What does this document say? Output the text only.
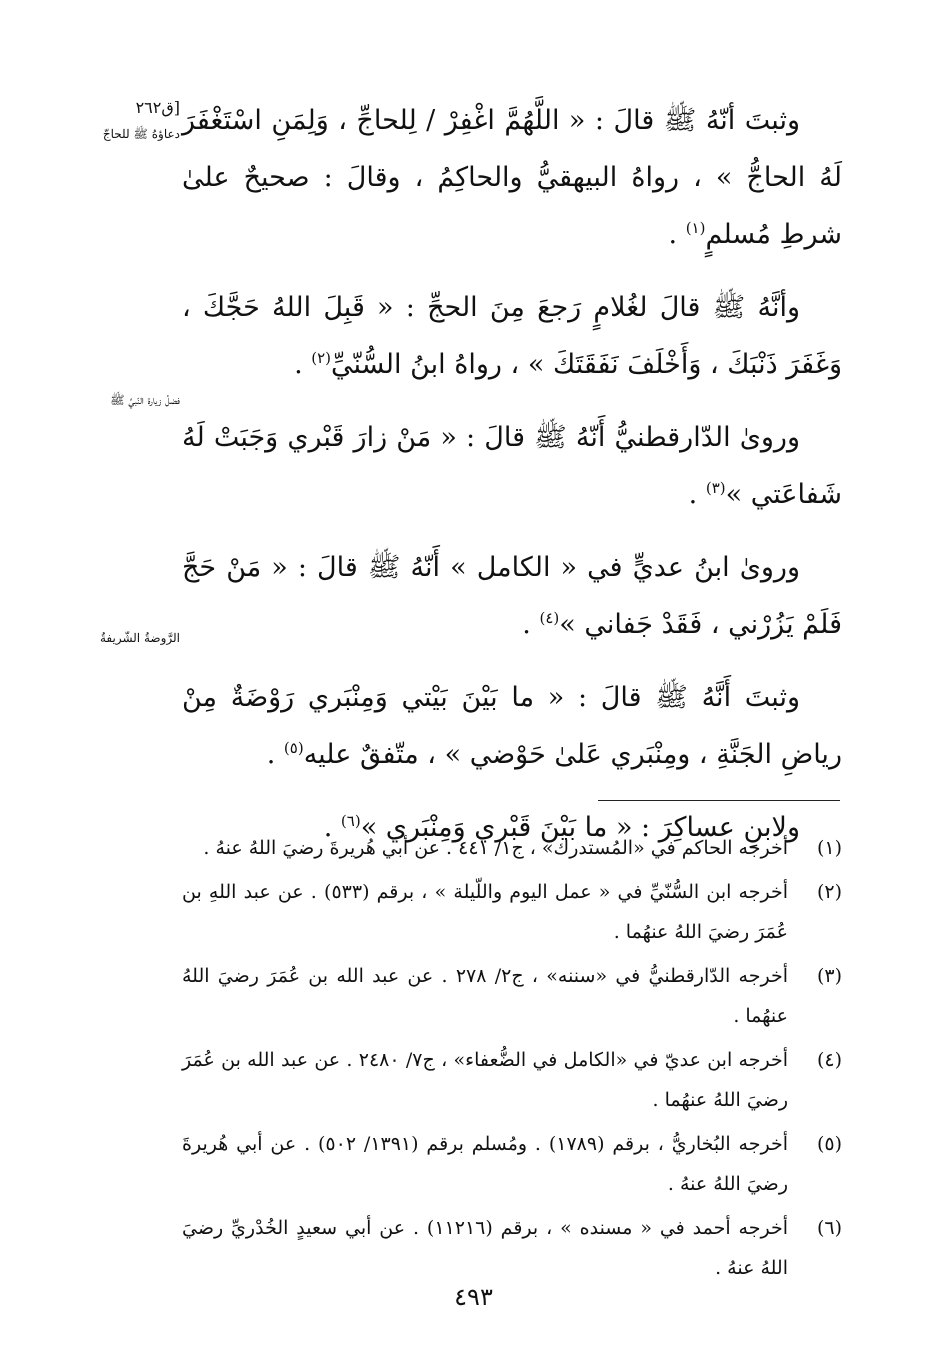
[ق٢٦٢
دعاؤهُ ﷺ للحاجّ
فضلُ زيارة النّبيِّ ﷺ
الرَّوضةُ الشّريفةُ

وثبتَ أنّهُ ﷺ قالَ : « اللَّهُمَّ اغْفِرْ / لِلحاجِّ ، وَلِمَنِ اسْتَغْفَرَ لَهُ الحاجُّ » ، رواهُ البيهقيُّ والحاكِمُ ، وقالَ : صحيحٌ علىٰ شرطِ مُسلمٍ$^{(١)}$ .

وأنَّهُ ﷺ قالَ لغُلامٍ رَجعَ مِنَ الحجِّ : « قَبِلَ اللهُ حَجَّكَ ، وَغَفَرَ ذَنْبَكَ ، وَأَخْلَفَ نَفَقَتَكَ » ، رواهُ ابنُ السُّنّيِّ$^{(٢)}$ .

وروىٰ الدّارقطنيُّ أَنّهُ ﷺ قالَ : « مَنْ زارَ قَبْري وَجَبَتْ لَهُ شَفاعَتي »$^{(٣)}$ .

وروىٰ ابنُ عديٍّ في « الكامل » أَنّهُ ﷺ قالَ : « مَنْ حَجَّ فَلَمْ يَزُرْني ، فَقَدْ جَفاني »$^{(٤)}$ .

وثبتَ أَنَّهُ ﷺ قالَ : « ما بَيْنَ بَيْتي وَمِنْبَري رَوْضَةٌ مِنْ رياضِ الجَنَّةِ ، ومِنْبَري عَلىٰ حَوْضي » ، متّفقٌ عليه$^{(٥)}$ .

ولابنِ عساكِرَ : « ما بَيْنَ قَبْري وَمِنْبَري »$^{(٦)}$ .

(١)
أخرجه الحاكم في «المُستدرك» ، ج١/ ٤٤١ . عن أبي هُريرةَ رضيَ اللهُ عنهُ .
(٢)
أخرجه ابن السُّنّيِّ في « عمل اليوم واللّيلة » ، برقم (٥٣٣) . عن عبد اللهِ بن عُمَرَ رضيَ اللهُ عنهُما .
(٣)
أخرجه الدّارقطنيُّ في «سننه» ، ج٢/ ٢٧٨ . عن عبد الله بن عُمَرَ رضيَ اللهُ عنهُما .
(٤)
أخرجه ابن عديّ في «الكامل في الضُّعفاء» ، ج٧/ ٢٤٨٠ . عن عبد الله بن عُمَرَ رضيَ اللهُ عنهُما .
(٥)
أخرجه البُخاريُّ ، برقم (١٧٨٩) . ومُسلم برقم (١٣٩١/ ٥٠٢) . عن أبي هُريرةَ رضيَ اللهُ عنهُ .
(٦)
أخرجه أحمد في « مسنده » ، برقم (١١٢١٦) . عن أبي سعيدٍ الخُدْريِّ رضيَ اللهُ عنهُ .
٤٩٣
